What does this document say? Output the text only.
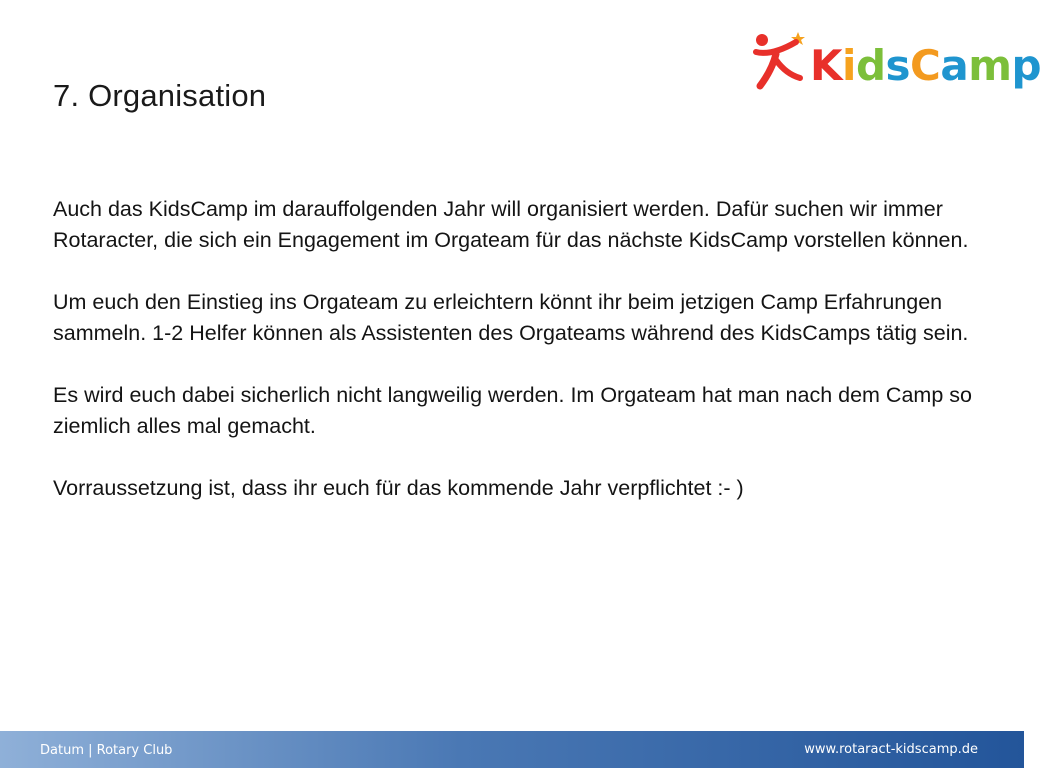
7. Organisation
KidsCamp

Auch das KidsCamp im darauffolgenden Jahr will organisiert werden. Dafür suchen wir immer Rotaracter, die sich ein Engagement im Orgateam für das nächste KidsCamp vorstellen können.

Um euch den Einstieg ins Orgateam zu erleichtern könnt ihr beim jetzigen Camp Erfahrungen sammeln. 1-2 Helfer können als Assistenten des Orgateams während des KidsCamps tätig sein.

Es wird euch dabei sicherlich nicht langweilig werden. Im Orgateam hat man nach dem Camp so ziemlich alles mal gemacht.

Vorraussetzung ist, dass ihr euch für das kommende Jahr verpflichtet :- )

Datum | Rotary Club	www.rotaract-kidscamp.de
